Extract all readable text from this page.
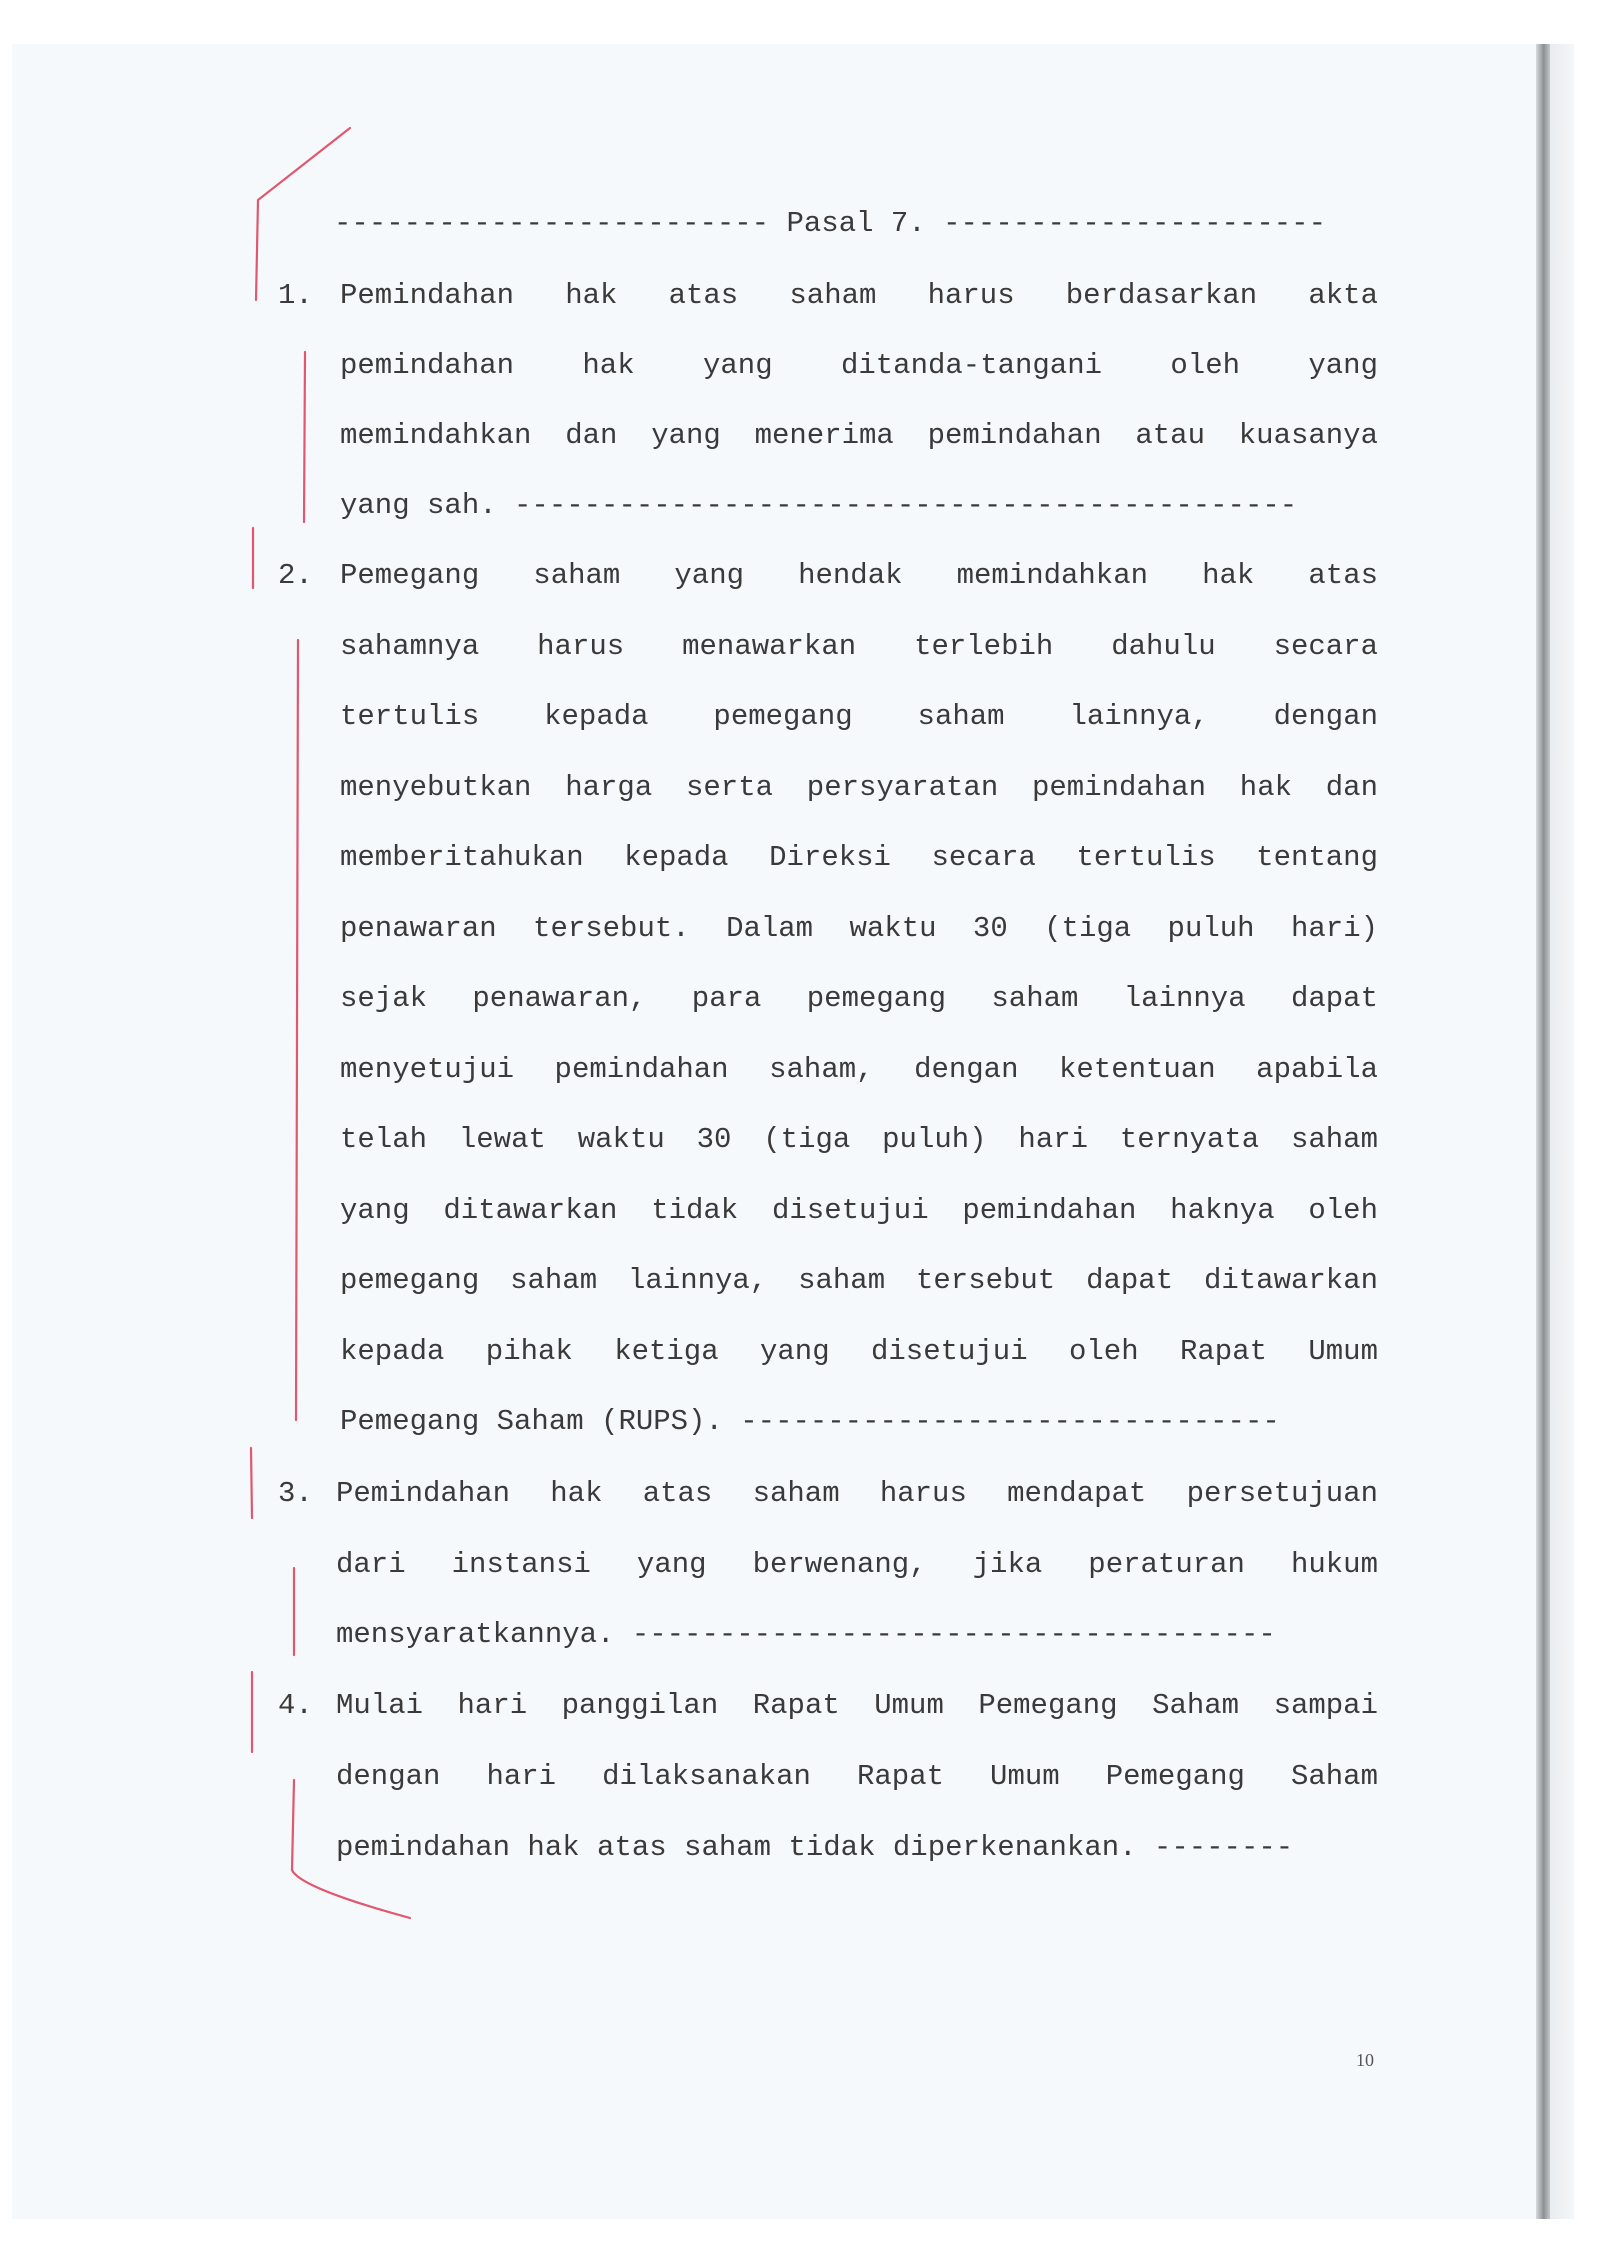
------------------------- Pasal 7. ----------------------
1. Pemindahan hak atas saham harus berdasarkan akta
pemindahan hak yang ditanda-tangani oleh yang
memindahkan dan yang menerima pemindahan atau kuasanya
yang sah. ---------------------------------------------
2. Pemegang saham yang hendak memindahkan hak atas
sahamnya harus menawarkan terlebih dahulu secara
tertulis kepada pemegang saham lainnya, dengan
menyebutkan harga serta persyaratan pemindahan hak dan
memberitahukan kepada Direksi secara tertulis tentang
penawaran tersebut. Dalam waktu 30 (tiga puluh hari)
sejak penawaran, para pemegang saham lainnya dapat
menyetujui pemindahan saham, dengan ketentuan apabila
telah lewat waktu 30 (tiga puluh) hari ternyata saham
yang ditawarkan tidak disetujui pemindahan haknya oleh
pemegang saham lainnya, saham tersebut dapat ditawarkan
kepada pihak ketiga yang disetujui oleh Rapat Umum
Pemegang Saham (RUPS). -------------------------------
3. Pemindahan hak atas saham harus mendapat persetujuan
dari instansi yang berwenang, jika peraturan hukum
mensyaratkannya. -------------------------------------
4. Mulai hari panggilan Rapat Umum Pemegang Saham sampai
dengan hari dilaksanakan Rapat Umum Pemegang Saham
pemindahan hak atas saham tidak diperkenankan. --------
10
